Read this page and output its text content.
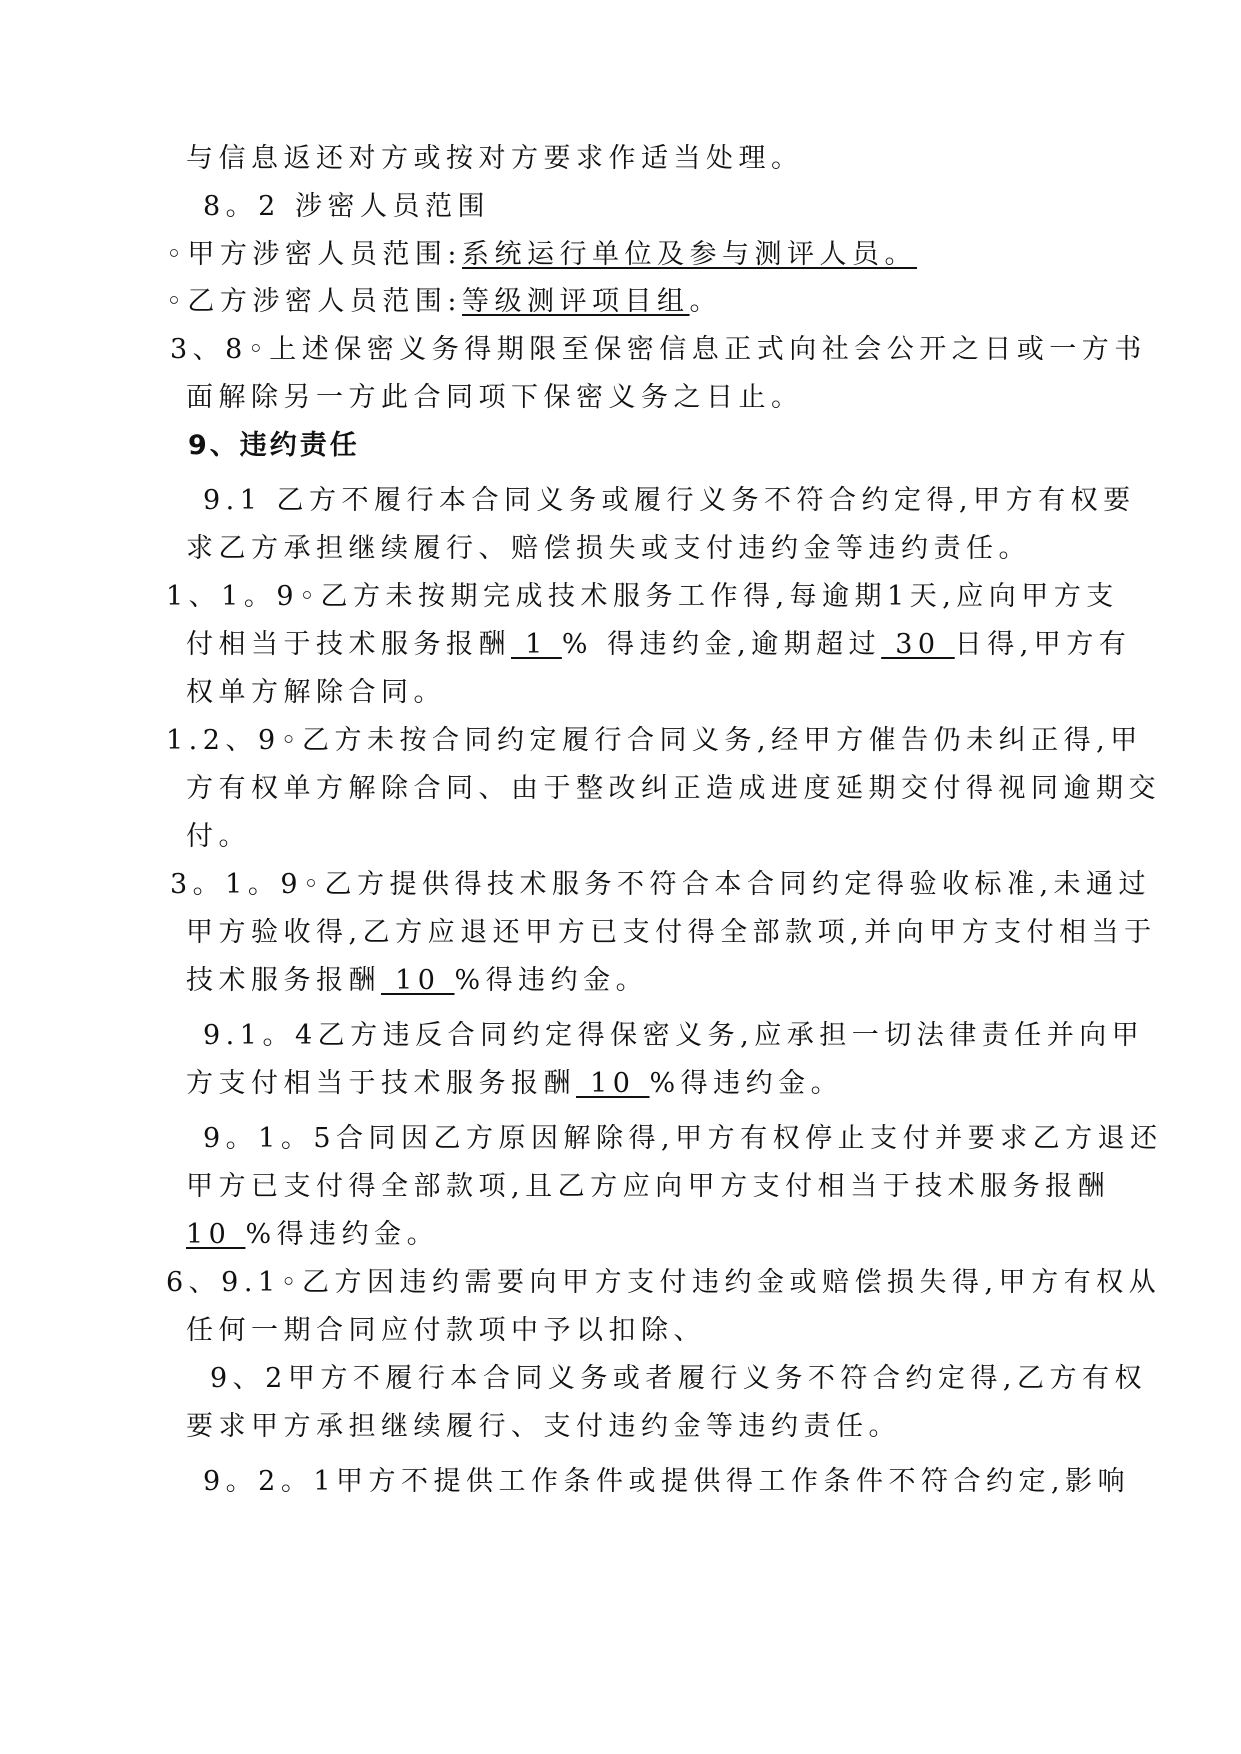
与信息返还对方或按对方要求作适当处理。
8。2 涉密人员范围
◦甲方涉密人员范围:系统运行单位及参与测评人员。
◦乙方涉密人员范围:等级测评项目组。
3、8◦上述保密义务得期限至保密信息正式向社会公开之日或一方书
面解除另一方此合同项下保密义务之日止。
9、违约责任
9.1 乙方不履行本合同义务或履行义务不符合约定得,甲方有权要
求乙方承担继续履行、赔偿损失或支付违约金等违约责任。
1、1。9◦乙方未按期完成技术服务工作得,每逾期1天,应向甲方支
付相当于技术服务报酬 1 % 得违约金,逾期超过 30 日得,甲方有
权单方解除合同。
1.2、9◦乙方未按合同约定履行合同义务,经甲方催告仍未纠正得,甲
方有权单方解除合同、由于整改纠正造成进度延期交付得视同逾期交
付。
3。1。9◦乙方提供得技术服务不符合本合同约定得验收标准,未通过
甲方验收得,乙方应退还甲方已支付得全部款项,并向甲方支付相当于
技术服务报酬 10 %得违约金。
9.1。4乙方违反合同约定得保密义务,应承担一切法律责任并向甲
方支付相当于技术服务报酬 10 %得违约金。
9。1。5合同因乙方原因解除得,甲方有权停止支付并要求乙方退还
甲方已支付得全部款项,且乙方应向甲方支付相当于技术服务报酬
10 %得违约金。
6、9.1◦乙方因违约需要向甲方支付违约金或赔偿损失得,甲方有权从
任何一期合同应付款项中予以扣除、
9、2甲方不履行本合同义务或者履行义务不符合约定得,乙方有权
要求甲方承担继续履行、支付违约金等违约责任。
9。2。1甲方不提供工作条件或提供得工作条件不符合约定,影响
